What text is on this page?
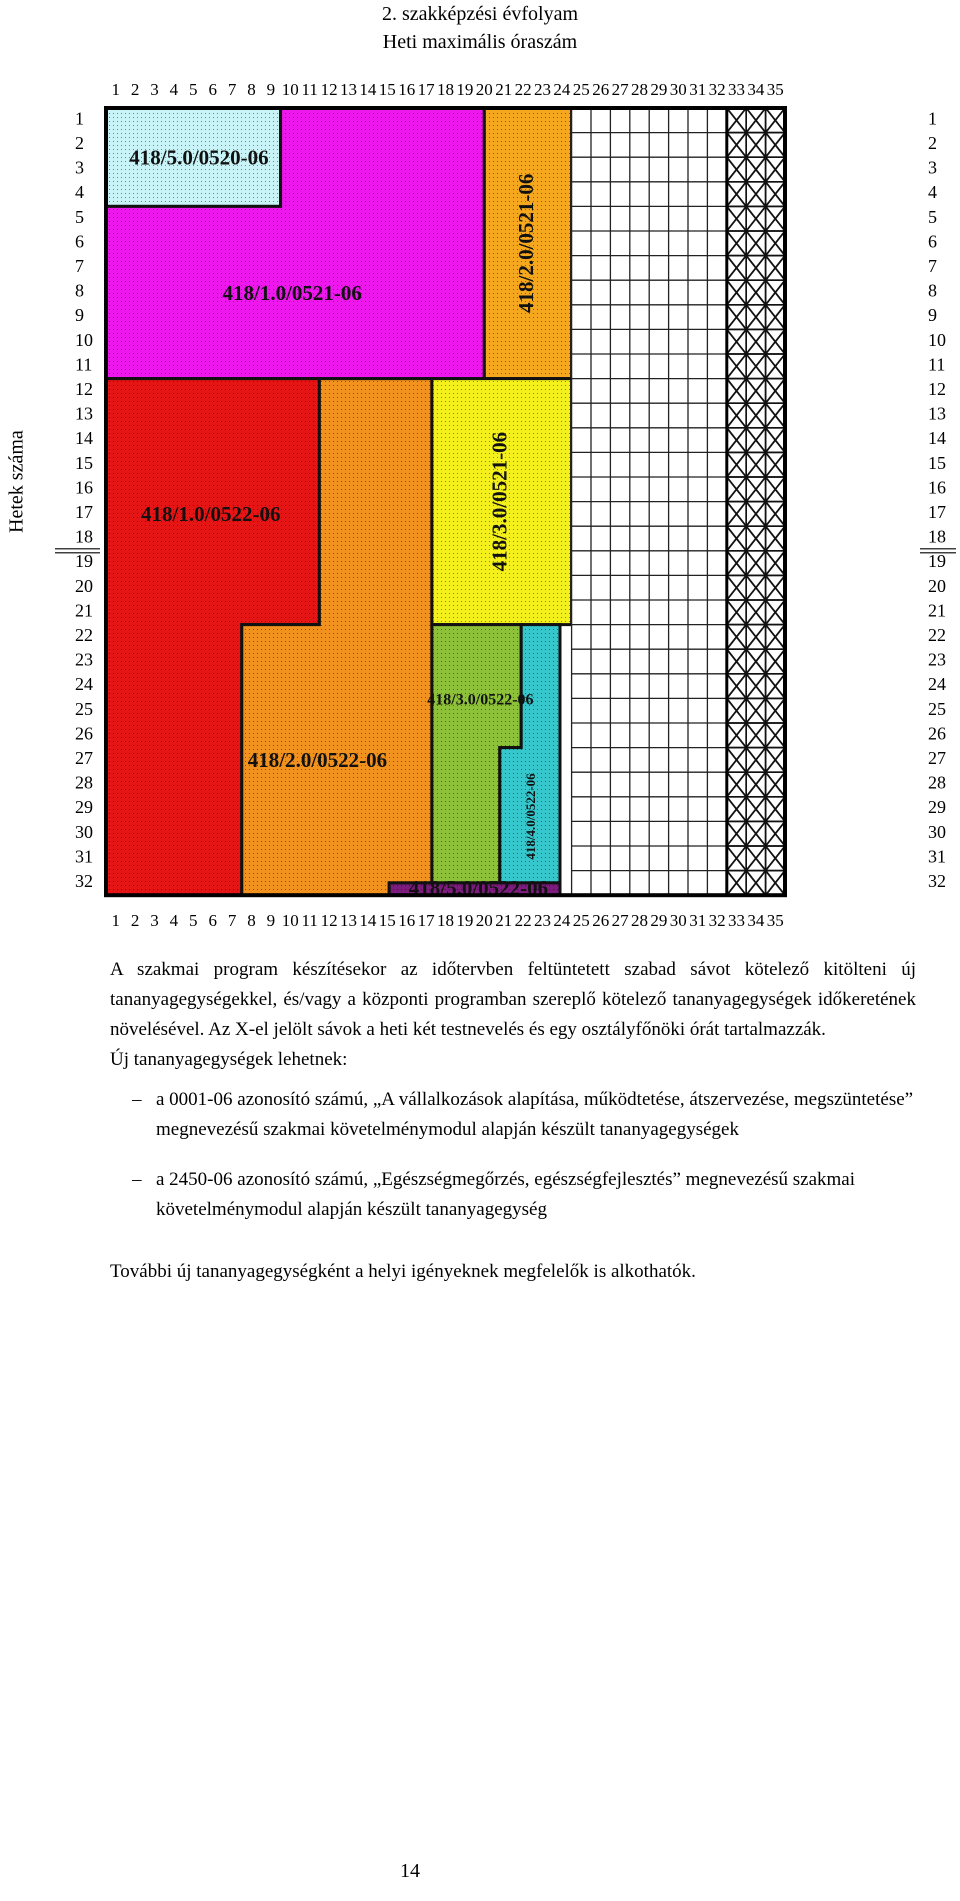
2. szakképzési évfolyam
Heti maximális óraszám
418/5.0/0520-06
418/1.0/0521-06	418/2.0/0521-06
418/1.0/0522-06
418/2.0/0522-06
418/3.0/0521-06
418/3.0/0522-06
418/4.0/0522-06
418/5.0/0522-06
1
1
2
2
3
3
4
4
5
5
6
6
7
7
8
8
9
9
10
10
11
11
12
12
13
13
14
14
15
15
16
16
17
17
18
18
19
19
20
20
21
21
22
22
23
23
24
24
25
25
26
26
27
27
28
28
29
29
30
30
31
31
32
32
33
33
34
34
35
35
1	1
2	2
3	3
4	4
5	5
6	6
7	7
8	8
9	9
10	10
11	11
12	12
13	13
14	14
15	15
16	16
17	17
18	18
19	19
20	20
21	21
22	22
23	23
24	24
25	25
26	26
27	27
28	28
29	29
30	30
31	31
32	32
Hetek száma

A szakmai program készítésekor az időtervben feltüntetett szabad sávot kötelező kitölteni új tananyagegységekkel, és/vagy a központi programban szereplő kötelező tananyagegységek időkeretének növelésével. Az X-el jelölt sávok a heti két testnevelés és egy osztályfőnöki órát tartalmazzák.

Új tananyagegységek lehetnek:

– a 0001-06 azonosító számú, „A vállalkozások alapítása, működtetése, átszervezése, megszüntetése” megnevezésű szakmai követelménymodul alapján készült tananyagegységek
– a 2450-06 azonosító számú, „Egészségmegőrzés, egészségfejlesztés” megnevezésű szakmai követelménymodul alapján készült tananyagegység

További új tananyagegységként a helyi igényeknek megfelelők is alkothatók.

14
